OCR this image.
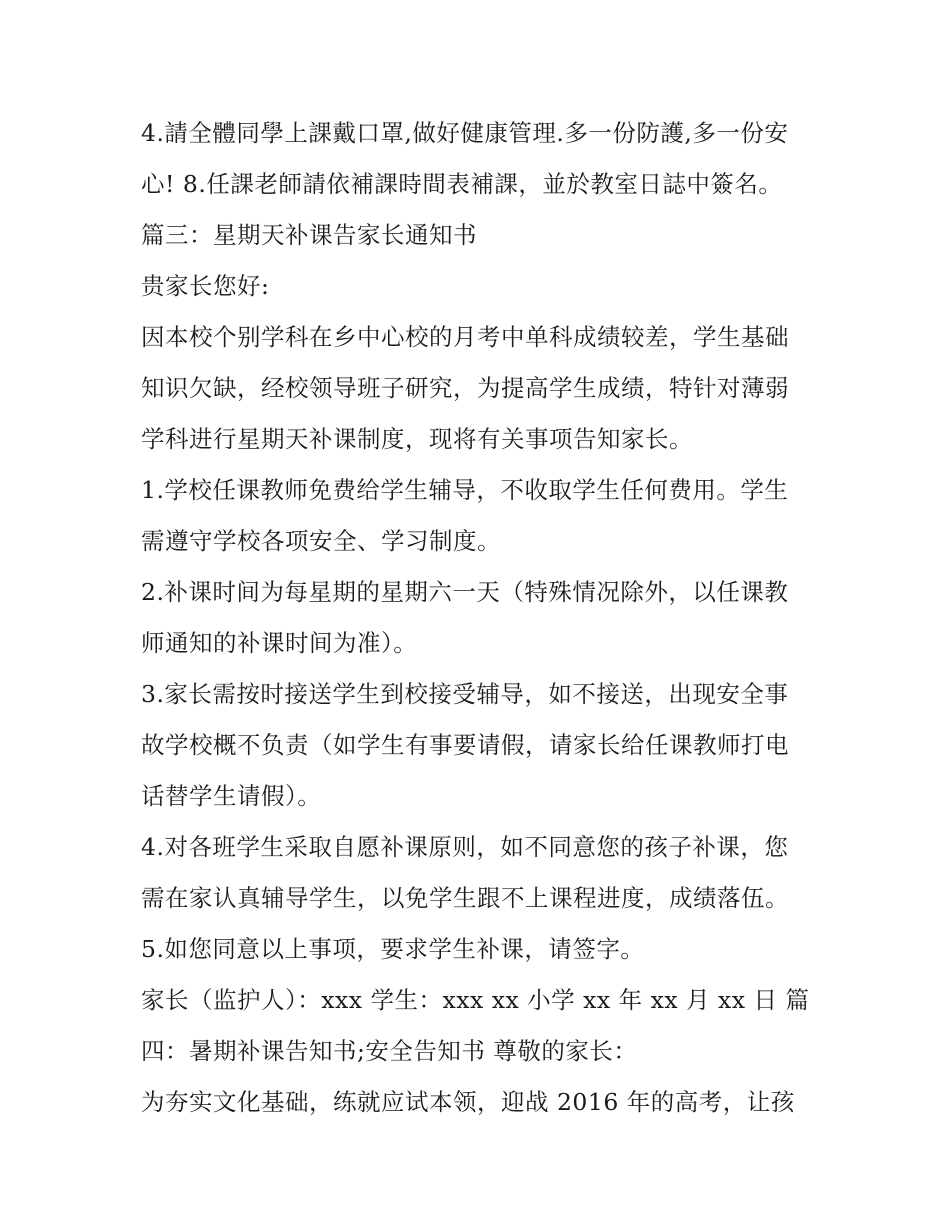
4.請全體同學上課戴口罩,做好健康管理.多一份防護,多一份安
心! 8.任課老師請依補課時間表補課，並於教室日誌中簽名。
篇三：星期天补课告家长通知书
贵家长您好:
因本校个别学科在乡中心校的月考中单科成绩较差，学生基础
知识欠缺，经校领导班子研究，为提高学生成绩，特针对薄弱
学科进行星期天补课制度，现将有关事项告知家长。
1.学校任课教师免费给学生辅导，不收取学生任何费用。学生
需遵守学校各项安全、学习制度。
2.补课时间为每星期的星期六一天（特殊情况除外，以任课教
师通知的补课时间为准）。
3.家长需按时接送学生到校接受辅导，如不接送，出现安全事
故学校概不负责（如学生有事要请假，请家长给任课教师打电
话替学生请假）。
4.对各班学生采取自愿补课原则，如不同意您的孩子补课，您
需在家认真辅导学生，以免学生跟不上课程进度，成绩落伍。
5.如您同意以上事项，要求学生补课，请签字。
家长（监护人）：xxx 学生：xxx xx 小学 xx 年 xx 月 xx 日 篇
四：暑期补课告知书;安全告知书 尊敬的家长：
为夯实文化基础，练就应试本领，迎战 2016 年的高考，让孩
